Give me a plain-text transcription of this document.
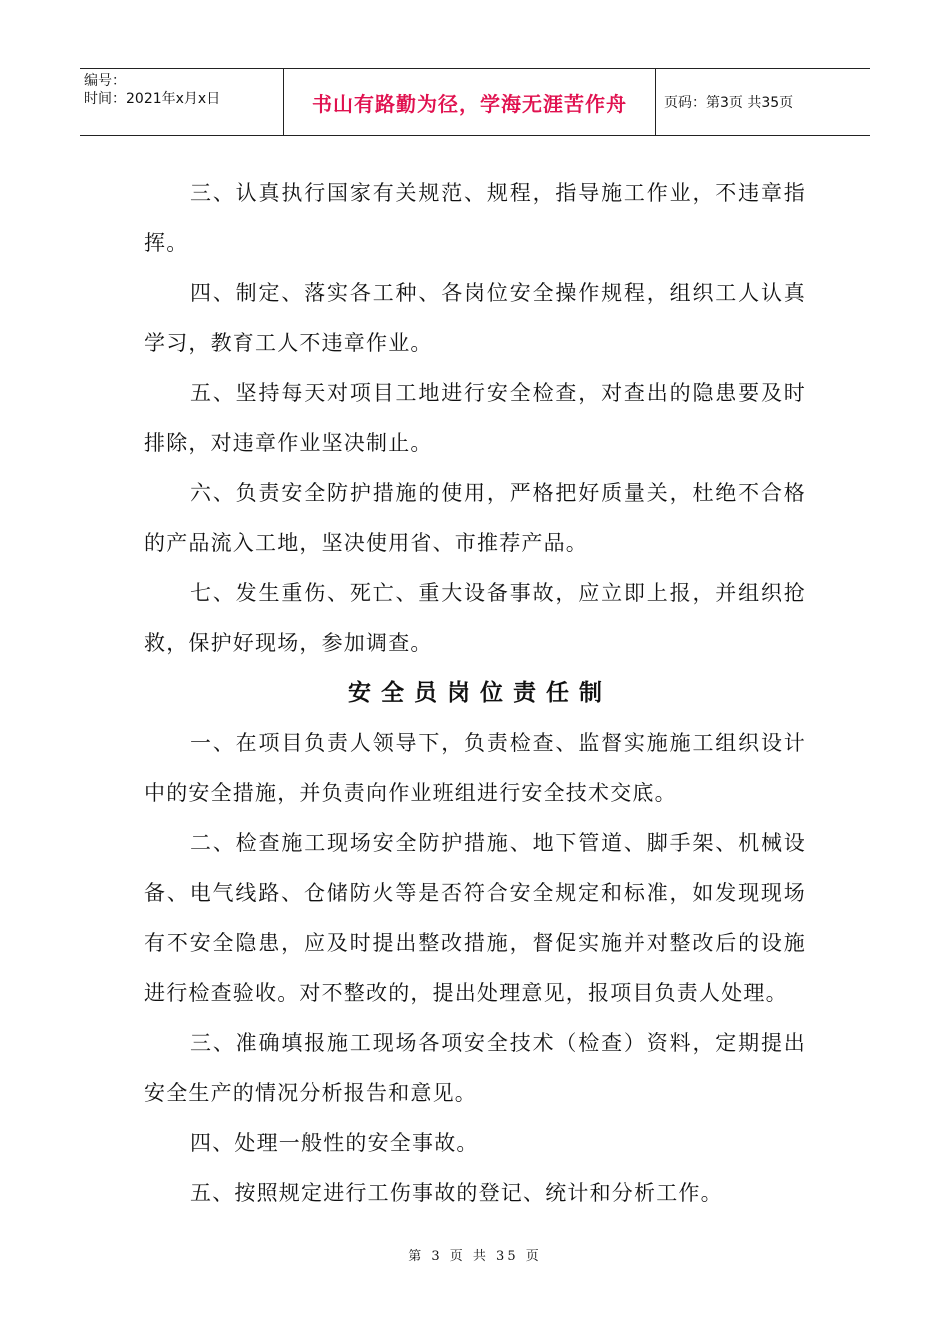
编号：
时间：2021年x月x日	书山有路勤为径，学海无涯苦作舟	页码：第3页 共35页

三、认真执行国家有关规范、规程，指导施工作业，不违章指挥。

四、制定、落实各工种、各岗位安全操作规程，组织工人认真学习，教育工人不违章作业。

五、坚持每天对项目工地进行安全检查，对查出的隐患要及时排除，对违章作业坚决制止。

六、负责安全防护措施的使用，严格把好质量关，杜绝不合格的产品流入工地，坚决使用省、市推荐产品。

七、发生重伤、死亡、重大设备事故，应立即上报，并组织抢救，保护好现场，参加调查。

安全员岗位责任制

一、在项目负责人领导下，负责检查、监督实施施工组织设计中的安全措施，并负责向作业班组进行安全技术交底。

二、检查施工现场安全防护措施、地下管道、脚手架、机械设备、电气线路、仓储防火等是否符合安全规定和标准，如发现现场有不安全隐患，应及时提出整改措施，督促实施并对整改后的设施进行检查验收。对不整改的，提出处理意见，报项目负责人处理。

三、准确填报施工现场各项安全技术（检查）资料，定期提出安全生产的情况分析报告和意见。

四、处理一般性的安全事故。

五、按照规定进行工伤事故的登记、统计和分析工作。

第 3 页 共 35 页
